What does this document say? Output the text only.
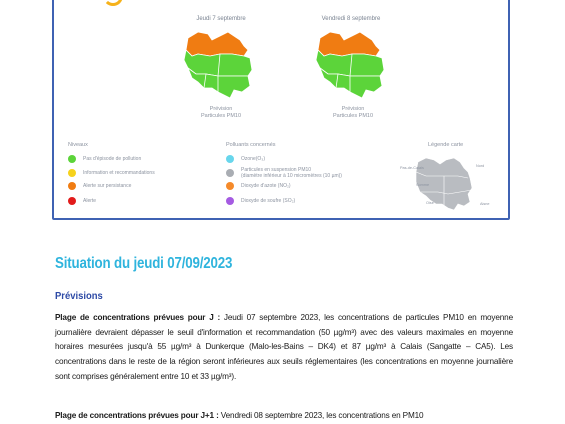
Jeudi 7 septembre	Vendredi 8 septembre
Prévision
Particules PM10
Prévision
Particules PM10
Niveaux
Pas d'épisode de pollution
Information et recommandations
Alerte sur persistance
Alerte
Polluants concernés
Ozone(O₃)
Particules en suspension PM10
(diamètre inférieur à 10 micromètres (10 µm))
Dioxyde d'azote (NO₂)
Dioxyde de soufre (SO₂)
Légende carte
Pas-de-Calais	Nord
Somme
Oise	Aisne
Situation du jeudi 07/09/2023
Prévisions
Plage de concentrations prévues pour J : Jeudi 07 septembre 2023, les concentrations de particules PM10 en moyenne journalière devraient dépasser le seuil d'information et recommandation (50 µg/m³) avec des valeurs maximales en moyenne horaires mesurées jusqu'à 55 µg/m³ à Dunkerque (Malo-les-Bains – DK4) et 87 µg/m³ à Calais (Sangatte – CA5). Les concentrations dans le reste de la région seront inférieures aux seuils réglementaires (les concentrations en moyenne journalière sont comprises généralement entre 10 et 33 µg/m³).
Plage de concentrations prévues pour J+1 : Vendredi 08 septembre 2023, les concentrations en PM10
